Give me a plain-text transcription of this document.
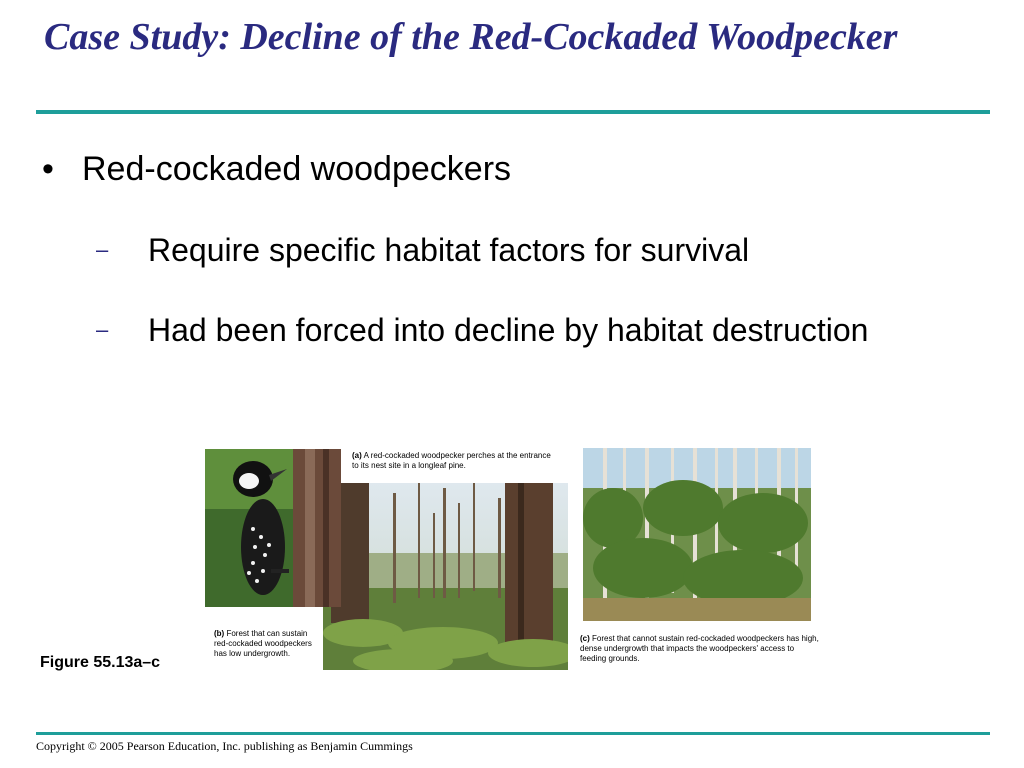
Case Study: Decline of the Red-Cockaded Woodpecker
• Red-cockaded woodpeckers
– Require specific habitat factors for survival
– Had been forced into decline by habitat destruction
(a) A red-cockaded woodpecker perches at the entrance to its nest site in a longleaf pine.
(b) Forest that can sustain red-cockaded woodpeckers has low undergrowth.
(c) Forest that cannot sustain red-cockaded woodpeckers has high, dense undergrowth that impacts the woodpeckers' access to feeding grounds.
Figure 55.13a–c
Copyright © 2005 Pearson Education, Inc. publishing as Benjamin Cummings
